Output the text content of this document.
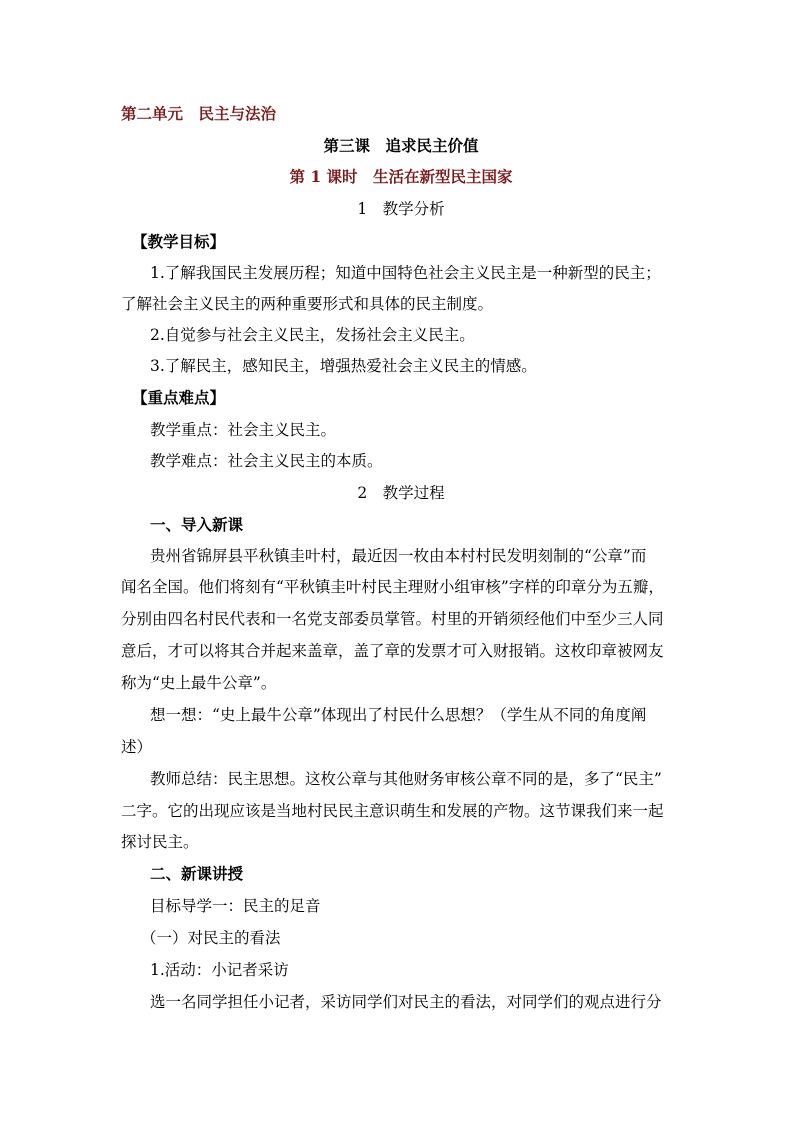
第二单元　民主与法治
第三课　追求民主价值
第 1 课时　生活在新型民主国家
1　教学分析
【教学目标】
1.了解我国民主发展历程；知道中国特色社会主义民主是一种新型的民主；
了解社会主义民主的两种重要形式和具体的民主制度。
2.自觉参与社会主义民主，发扬社会主义民主。
3.了解民主，感知民主，增强热爱社会主义民主的情感。
【重点难点】
教学重点：社会主义民主。
教学难点：社会主义民主的本质。
2　教学过程
一、导入新课
贵州省锦屏县平秋镇圭叶村，最近因一枚由本村村民发明刻制的“公章”而
闻名全国。他们将刻有“平秋镇圭叶村民主理财小组审核”字样的印章分为五瓣，
分别由四名村民代表和一名党支部委员掌管。村里的开销须经他们中至少三人同
意后，才可以将其合并起来盖章，盖了章的发票才可入财报销。这枚印章被网友
称为“史上最牛公章”。
想一想：“史上最牛公章”体现出了村民什么思想？（学生从不同的角度阐
述）
教师总结：民主思想。这枚公章与其他财务审核公章不同的是，多了“民主”
二字。它的出现应该是当地村民民主意识萌生和发展的产物。这节课我们来一起
探讨民主。
二、新课讲授
目标导学一：民主的足音
（一）对民主的看法
1.活动：小记者采访
选一名同学担任小记者，采访同学们对民主的看法，对同学们的观点进行分
